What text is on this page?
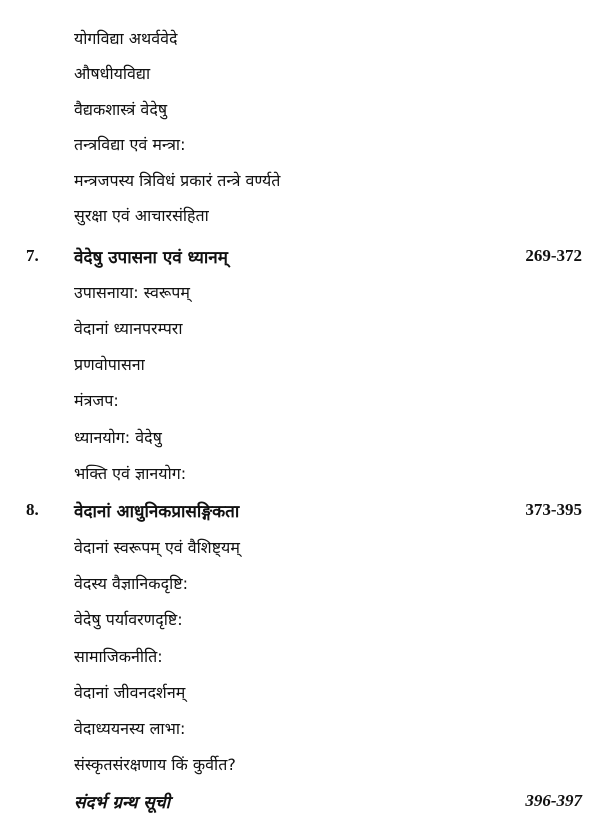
योगविद्या अथर्ववेदे
औषधीयविद्या
वैद्यकशास्त्रं वेदेषु
तन्त्रविद्या एवं मन्त्रा:
मन्त्रजपस्य त्रिविधं प्रकारं तन्त्रे वर्ण्यते
सुरक्षा एवं आचारसंहिता
7. वेदेषु उपासना एवं ध्यानम्	269-372
उपासनाया: स्वरूपम्
वेदानां ध्यानपरम्परा
प्रणवोपासना
मंत्रजप:
ध्यानयोग: वेदेषु
भक्ति एवं ज्ञानयोग:
8. वेदानां आधुनिकप्रासङ्गिकता	373-395
वेदानां स्वरूपम् एवं वैशिष्ट्यम्
वेदस्य वैज्ञानिकदृष्टि:
वेदेषु पर्यावरणदृष्टि:
सामाजिकनीति:
वेदानां जीवनदर्शनम्
वेदाध्ययनस्य लाभा:
संस्कृतसंरक्षणाय किं कुर्वीत?
संदर्भ ग्रन्थ सूची	396-397
